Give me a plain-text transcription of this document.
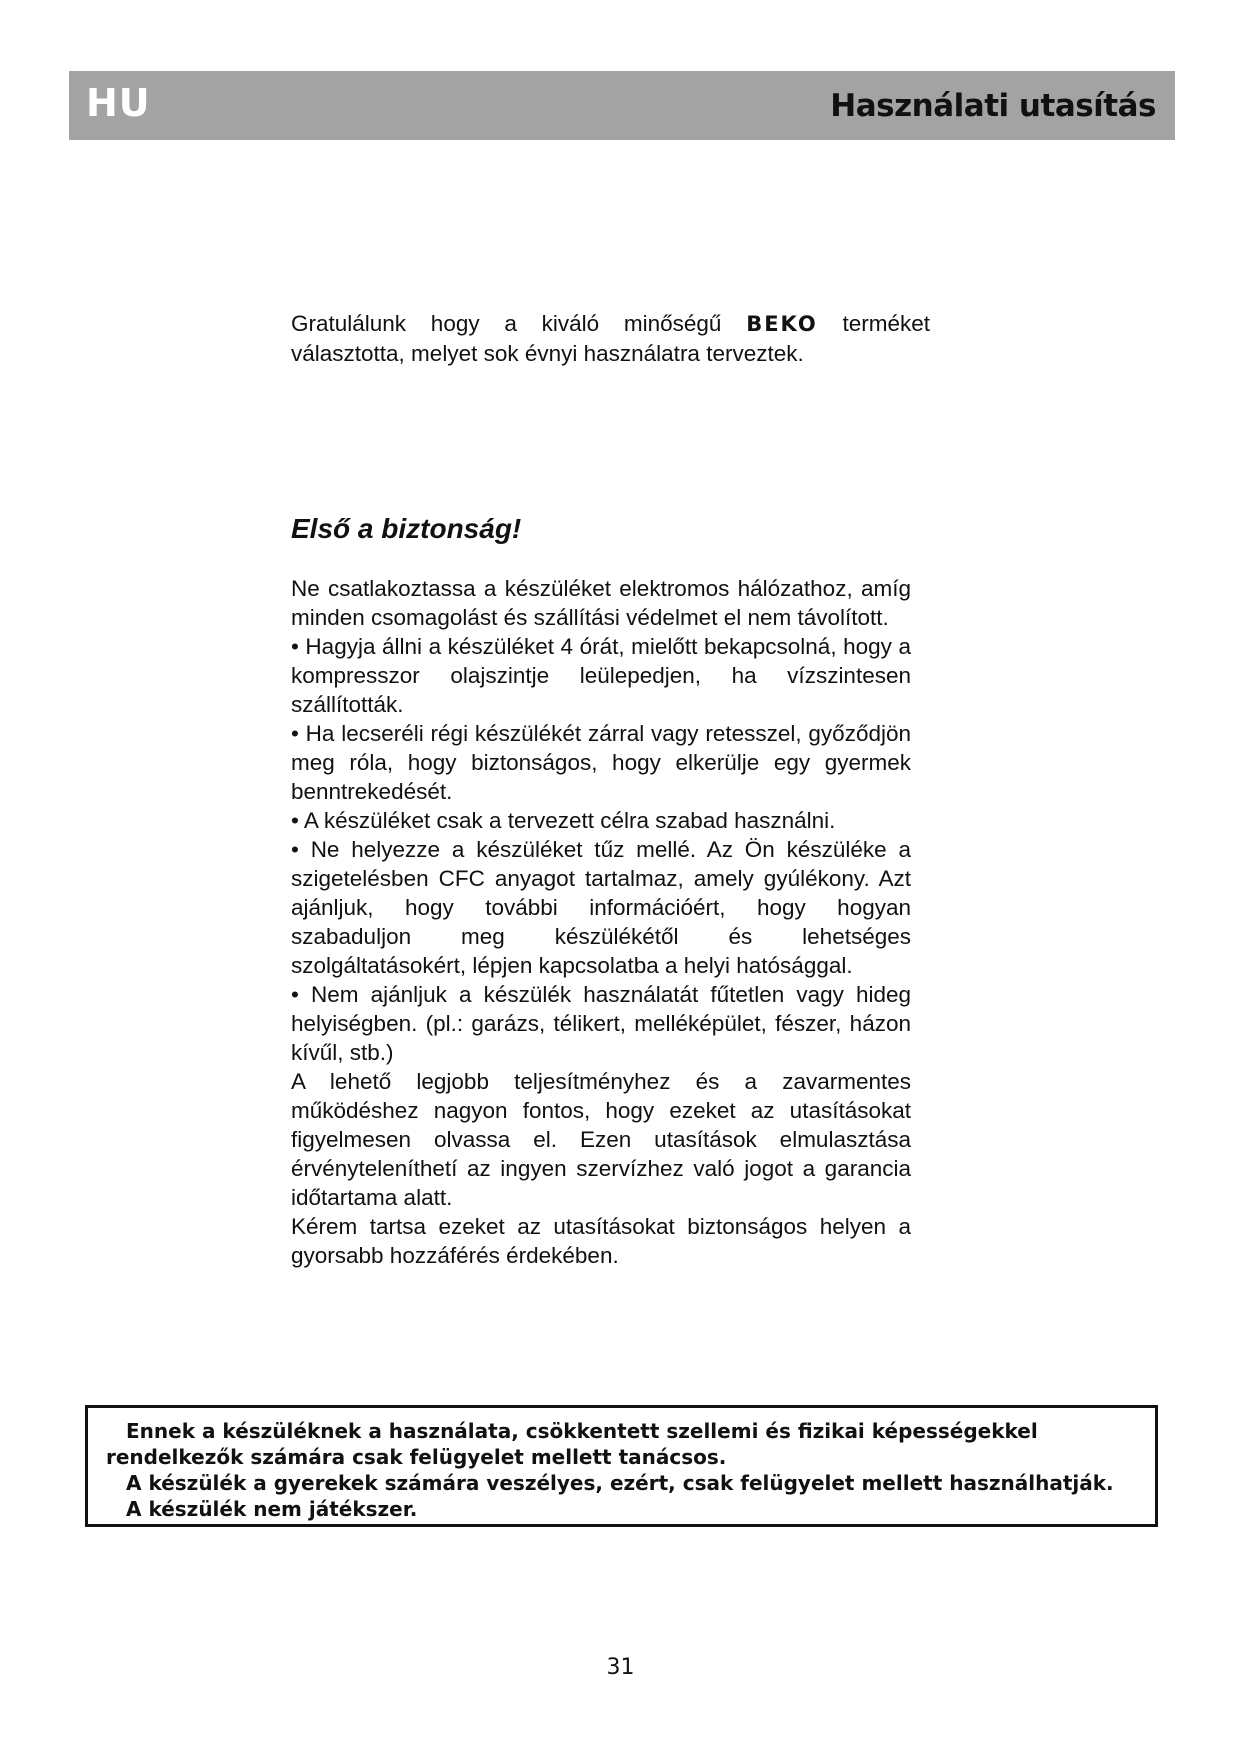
HU	Használati utasítás
Gratulálunk hogy a kiváló minőségű BEKO terméket választotta, melyet sok évnyi használatra terveztek.
Első a biztonság!

Ne csatlakoztassa a készüléket elektromos hálózathoz, amíg minden csomagolást és szállítási védelmet el nem távolított.

• Hagyja állni a készüléket 4 órát, mielőtt bekapcsolná, hogy a kompresszor olajszintje leülepedjen, ha vízszintesen szállították.

• Ha lecseréli régi készülékét zárral vagy retesszel, győződjön meg róla, hogy biztonságos, hogy elkerülje egy gyermek benntrekedését.

• A készüléket csak a tervezett célra szabad használni.

• Ne helyezze a készüléket tűz mellé. Az Ön készüléke a szigetelésben CFC anyagot tartalmaz, amely gyúlékony. Azt ajánljuk, hogy további információért, hogy hogyan szabaduljon meg készülékétől és lehetséges szolgáltatásokért, lépjen kapcsolatba a helyi hatósággal.

• Nem ajánljuk a készülék használatát fűtetlen vagy hideg helyiségben. (pl.: garázs, télikert, melléképület, fészer, házon kívűl, stb.)

A lehető legjobb teljesítményhez és a zavarmentes működéshez nagyon fontos, hogy ezeket az utasításokat figyelmesen olvassa el. Ezen utasítások elmulasztása érvényteleníthetí az ingyen szervízhez való jogot a garancia időtartama alatt.

Kérem tartsa ezeket az utasításokat biztonságos helyen a gyorsabb hozzáférés érdekében.

Ennek a készüléknek a használata, csökkentett szellemi és fizikai képességekkel rendelkezők számára csak felügyelet mellett tanácsos.

A készülék a gyerekek számára veszélyes, ezért, csak felügyelet mellett használhatják.

A készülék nem játékszer.

31
